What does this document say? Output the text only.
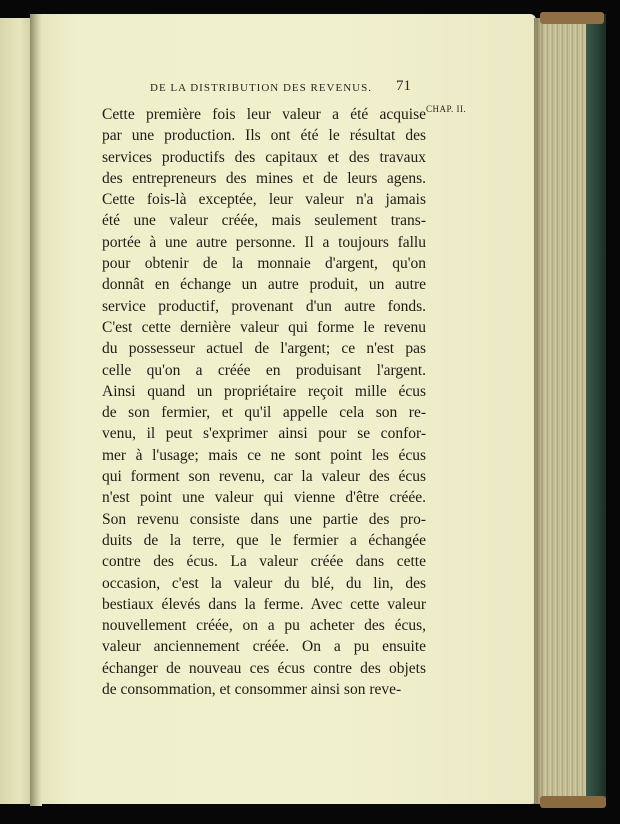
DE LA DISTRIBUTION DES REVENUS. 71
CHAP. II.
Cette première fois leur valeur a été acquise
par une production. Ils ont été le résultat des
services productifs des capitaux et des travaux
des entrepreneurs des mines et de leurs agens.
Cette fois-là exceptée, leur valeur n'a jamais
été une valeur créée, mais seulement trans-
portée à une autre personne. Il a toujours fallu
pour obtenir de la monnaie d'argent, qu'on
donnât en échange un autre produit, un autre
service productif, provenant d'un autre fonds.
C'est cette dernière valeur qui forme le revenu
du possesseur actuel de l'argent; ce n'est pas
celle qu'on a créée en produisant l'argent.
Ainsi quand un propriétaire reçoit mille écus
de son fermier, et qu'il appelle cela son re-
venu, il peut s'exprimer ainsi pour se confor-
mer à l'usage; mais ce ne sont point les écus
qui forment son revenu, car la valeur des écus
n'est point une valeur qui vienne d'être créée.
Son revenu consiste dans une partie des pro-
duits de la terre, que le fermier a échangée
contre des écus. La valeur créée dans cette
occasion, c'est la valeur du blé, du lin, des
bestiaux élevés dans la ferme. Avec cette valeur
nouvellement créée, on a pu acheter des écus,
valeur anciennement créée. On a pu ensuite
échanger de nouveau ces écus contre des objets
de consommation, et consommer ainsi son reve-
